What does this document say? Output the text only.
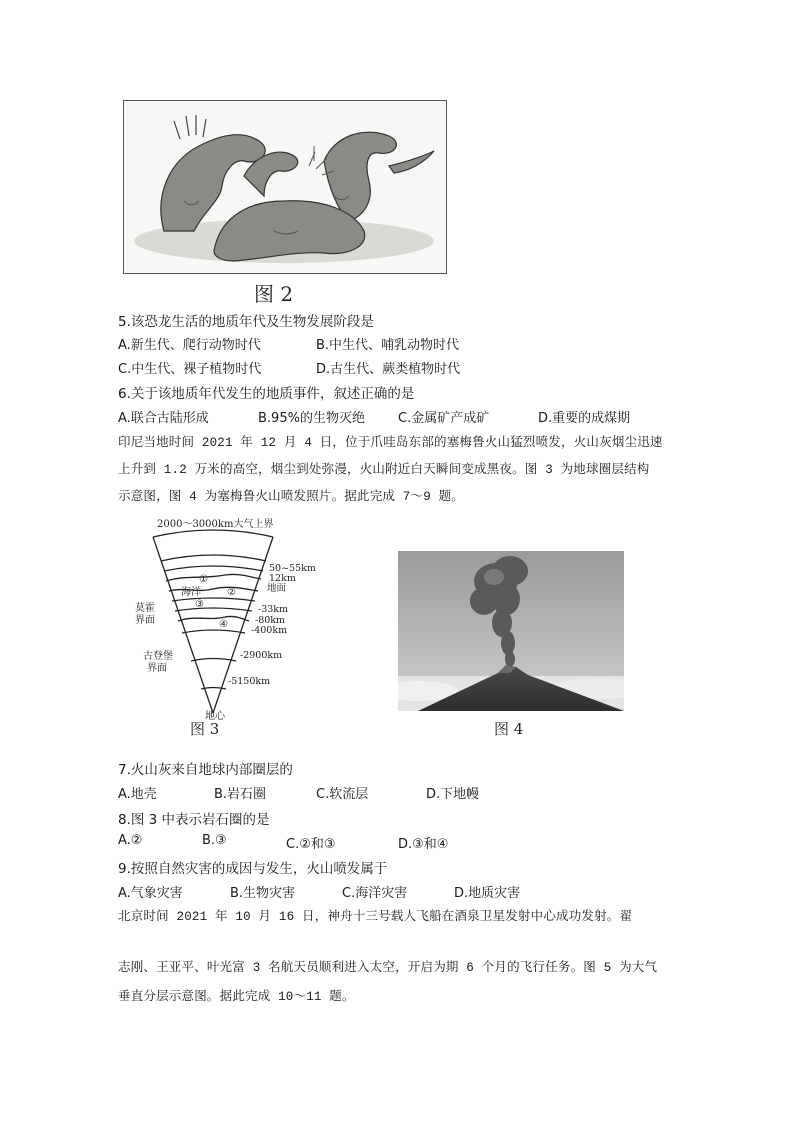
图 2
5.该恐龙生活的地质年代及生物发展阶段是
A.新生代、爬行动物时代	B.中生代、哺乳动物时代
C.中生代、裸子植物时代	D.古生代、蕨类植物时代
6.关于该地质年代发生的地质事件，叙述正确的是
A.联合古陆形成	B.95%的生物灭绝	C.金属矿产成矿	D.重要的成煤期
印尼当地时间 2021 年 12 月 4 日，位于爪哇岛东部的塞梅鲁火山猛烈喷发，火山灰烟尘迅速
上升到 1.2 万米的高空，烟尘到处弥漫，火山附近白天瞬间变成黑夜。图 3 为地球圈层结构
示意图，图 4 为塞梅鲁火山喷发照片。据此完成 7～9 题。
2000～3000km大气上界
50~55km
12km
地面
-33km
-80km
-400km
-2900km
-5150km
海洋
莫霍
界面
古登堡
界面
①
②
③
④
地心
图 3	图 4
7.火山灰来自地球内部圈层的
A.地壳	B.岩石圈	C.软流层	D.下地幔
8.图 3 中表示岩石圈的是
A.②	B.③	C.②和③	D.③和④
9.按照自然灾害的成因与发生，火山喷发属于
A.气象灾害	B.生物灾害	C.海洋灾害	D.地质灾害
北京时间 2021 年 10 月 16 日，神舟十三号载人飞船在酒泉卫星发射中心成功发射。翟
志刚、王亚平、叶光富 3 名航天员顺利进入太空，开启为期 6 个月的飞行任务。图 5 为大气
垂直分层示意图。据此完成 10～11 题。
